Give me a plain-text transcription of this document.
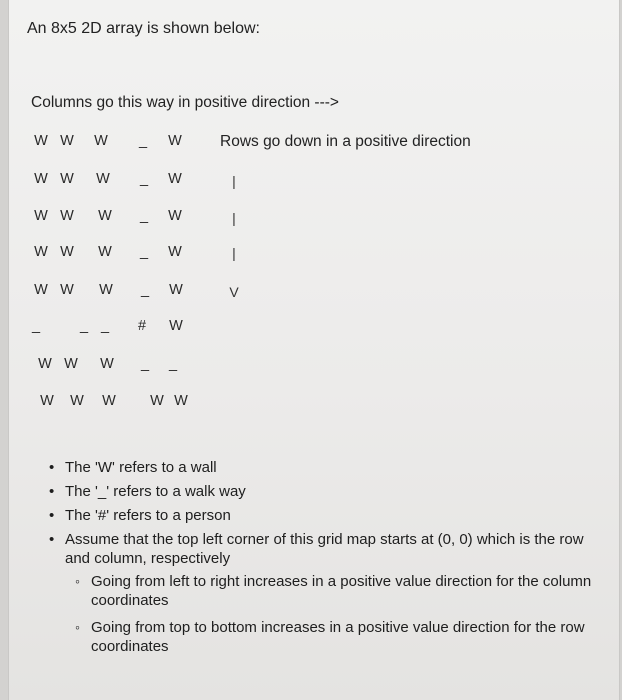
An 8x5 2D array is shown below:
Columns go this way in positive direction --->
Rows go down in a positive direction
W W W _ W
W W W _ W
W W W _ W
W W W _ W
W W W _ W
_	_ _ # W
W W W _ _
W W W W W
|
|
|
V
• The 'W' refers to a wall
• The '_' refers to a walk way
• The '#' refers to a person
• Assume that the top left corner of this grid map starts at (0, 0) which is the row and column, respectively
◦ Going from left to right increases in a positive value direction for the column coordinates
◦ Going from top to bottom increases in a positive value direction for the row coordinates
